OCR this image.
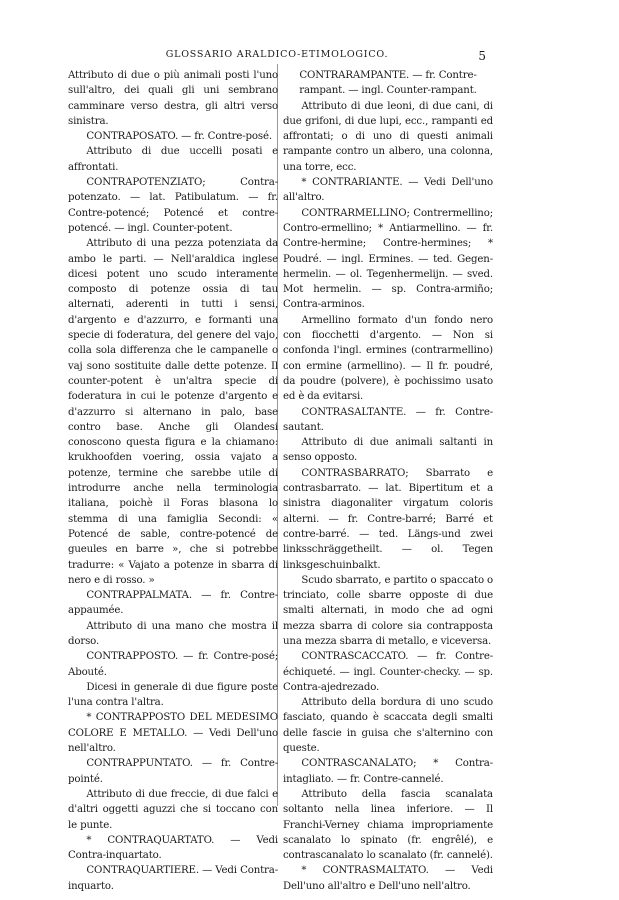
GLOSSARIO ARALDICO-ETIMOLOGICO.	5

Attributo di due o più animali posti l'uno sull'altro, dei quali gli uni sembrano camminare verso destra, gli altri verso sinistra.

CONTRAPOSATO. — fr. Contre-posé.

Attributo di due uccelli posati e affrontati.

CONTRAPOTENZIATO; Contra-potenzato. — lat. Patibulatum. — fr. Contre-potencé; Potencé et contre-potencé. — ingl. Counter-potent.

Attributo di una pezza potenziata da ambo le parti. — Nell'araldica inglese dicesi potent uno scudo interamente composto di potenze ossia di tau alternati, aderenti in tutti i sensi, d'argento e d'azzurro, e formanti una specie di foderatura, del genere del vajo, colla sola differenza che le campanelle o vaj sono sostituite dalle dette potenze. Il counter-potent è un'altra specie di foderatura in cui le potenze d'argento e d'azzurro si alternano in palo, base contro base. Anche gli Olandesi conoscono questa figura e la chiamano: krukhoofden voering, ossia vajato a potenze, termine che sarebbe utile di introdurre anche nella terminologia italiana, poichè il Foras blasona lo stemma di una famiglia Secondi: « Potencé de sable, contre-potencé de gueules en barre », che si potrebbe tradurre: « Vajato a potenze in sbarra di nero e di rosso. »

CONTRAPPALMATA. — fr. Contre-appaumée.

Attributo di una mano che mostra il dorso.

CONTRAPPOSTO. — fr. Contre-posé; Abouté.

Dicesi in generale di due figure poste l'una contra l'altra.

* CONTRAPPOSTO DEL MEDESIMO COLORE E METALLO. — Vedi Dell'uno nell'altro.

CONTRAPPUNTATO. — fr. Contre-pointé.

Attributo di due freccie, di due falci e d'altri oggetti aguzzi che si toccano con le punte.

* CONTRAQUARTATO. — Vedi Contra-inquartato.

CONTRAQUARTIERE. — Vedi Contra-inquarto.

CONTRARAMPANTE. — fr. Contre-rampant. — ingl. Counter-rampant.

Attributo di due leoni, di due cani, di due grifoni, di due lupi, ecc., rampanti ed affrontati; o di uno di questi animali rampante contro un albero, una colonna, una torre, ecc.

* CONTRARIANTE. — Vedi Dell'uno all'altro.

CONTRARMELLINO; Contrermellino; Contro-ermellino; * Antiarmellino. — fr. Contre-hermine; Contre-hermines; * Poudré. — ingl. Ermines. — ted. Gegen-hermelin. — ol. Tegenhermelijn. — sved. Mot hermelin. — sp. Contra-armiño; Contra-arminos.

Armellino formato d'un fondo nero con fiocchetti d'argento. — Non si confonda l'ingl. ermines (contrarmellino) con ermine (armellino). — Il fr. poudré, da poudre (polvere), è pochissimo usato ed è da evitarsi.

CONTRASALTANTE. — fr. Contre-sautant.

Attributo di due animali saltanti in senso opposto.

CONTRASBARRATO; Sbarrato e contrasbarrato. — lat. Bipertitum et a sinistra diagonaliter virgatum coloris alterni. — fr. Contre-barré; Barré et contre-barré. — ted. Längs-und zwei linksschräggetheilt. — ol. Tegen linksgeschuinbalkt.

Scudo sbarrato, e partito o spaccato o trinciato, colle sbarre opposte di due smalti alternati, in modo che ad ogni mezza sbarra di colore sia contrapposta una mezza sbarra di metallo, e viceversa.

CONTRASCACCATO. — fr. Contre-échiqueté. — ingl. Counter-checky. — sp. Contra-ajedrezado.

Attributo della bordura di uno scudo fasciato, quando è scaccata degli smalti delle fascie in guisa che s'alternino con queste.

CONTRASCANALATO; * Contra-intagliato. — fr. Contre-cannelé.

Attributo della fascia scanalata soltanto nella linea inferiore. — Il Franchi-Verney chiama impropriamente scanalato lo spinato (fr. engrêlé), e contrascanalato lo scanalato (fr. cannelé).

* CONTRASMALTATO. — Vedi Dell'uno all'altro e Dell'uno nell'altro.
